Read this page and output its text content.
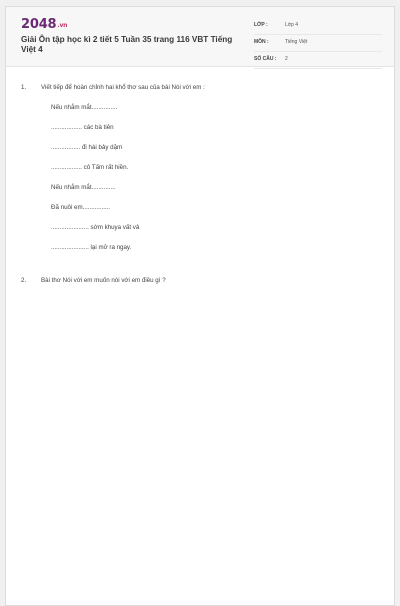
2048.vn
Giải Ôn tập học kì 2 tiết 5 Tuần 35 trang 116 VBT Tiếng Việt 4
LỚP :	Lớp 4
MÔN :	Tiếng Việt
SỐ CÂU : 2
1. Viết tiếp để hoàn chỉnh hai khổ thơ sau của bài Nói với em :
Nếu nhắm mắt...............
.................. các bà tiên
................. đi hài bảy dặm
.................. cô Tấm rất hiền.
Nếu nhắm mắt..............
Đã nuôi em................
...................... sớm khuya vất vả
...................... lại mở ra ngay.
2. Bài thơ Nói với em muốn nói với em điều gì ?
